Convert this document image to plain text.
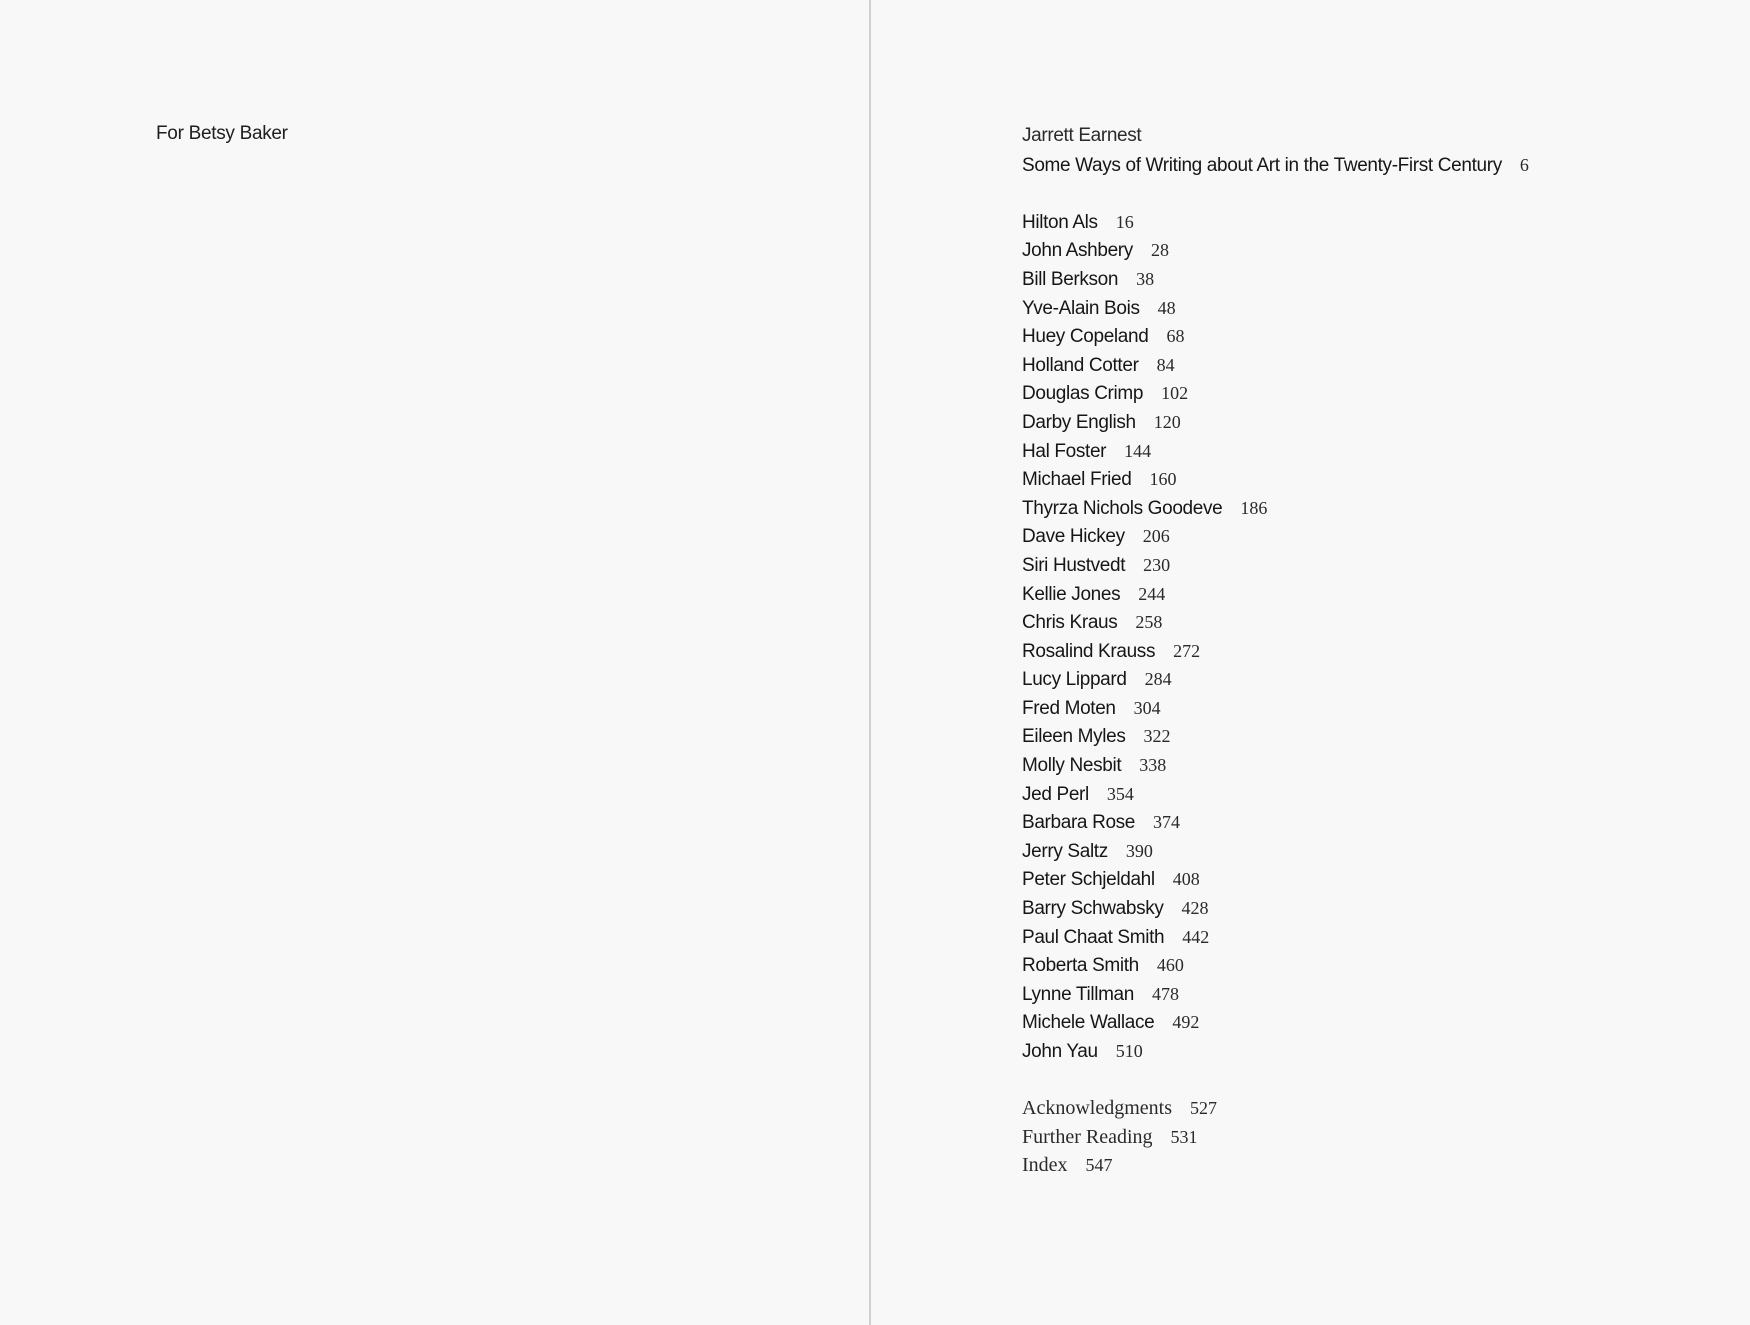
For Betsy Baker	Jarrett Earnest
Some Ways of Writing about Art in the Twenty-First Century 6
Hilton Als 16
John Ashbery 28
Bill Berkson 38
Yve-Alain Bois 48
Huey Copeland 68
Holland Cotter 84
Douglas Crimp 102
Darby English 120
Hal Foster 144
Michael Fried 160
Thyrza Nichols Goodeve 186
Dave Hickey 206
Siri Hustvedt 230
Kellie Jones 244
Chris Kraus 258
Rosalind Krauss 272
Lucy Lippard 284
Fred Moten 304
Eileen Myles 322
Molly Nesbit 338
Jed Perl 354
Barbara Rose 374
Jerry Saltz 390
Peter Schjeldahl 408
Barry Schwabsky 428
Paul Chaat Smith 442
Roberta Smith 460
Lynne Tillman 478
Michele Wallace 492
John Yau 510
Acknowledgments 527
Further Reading 531
Index 547
